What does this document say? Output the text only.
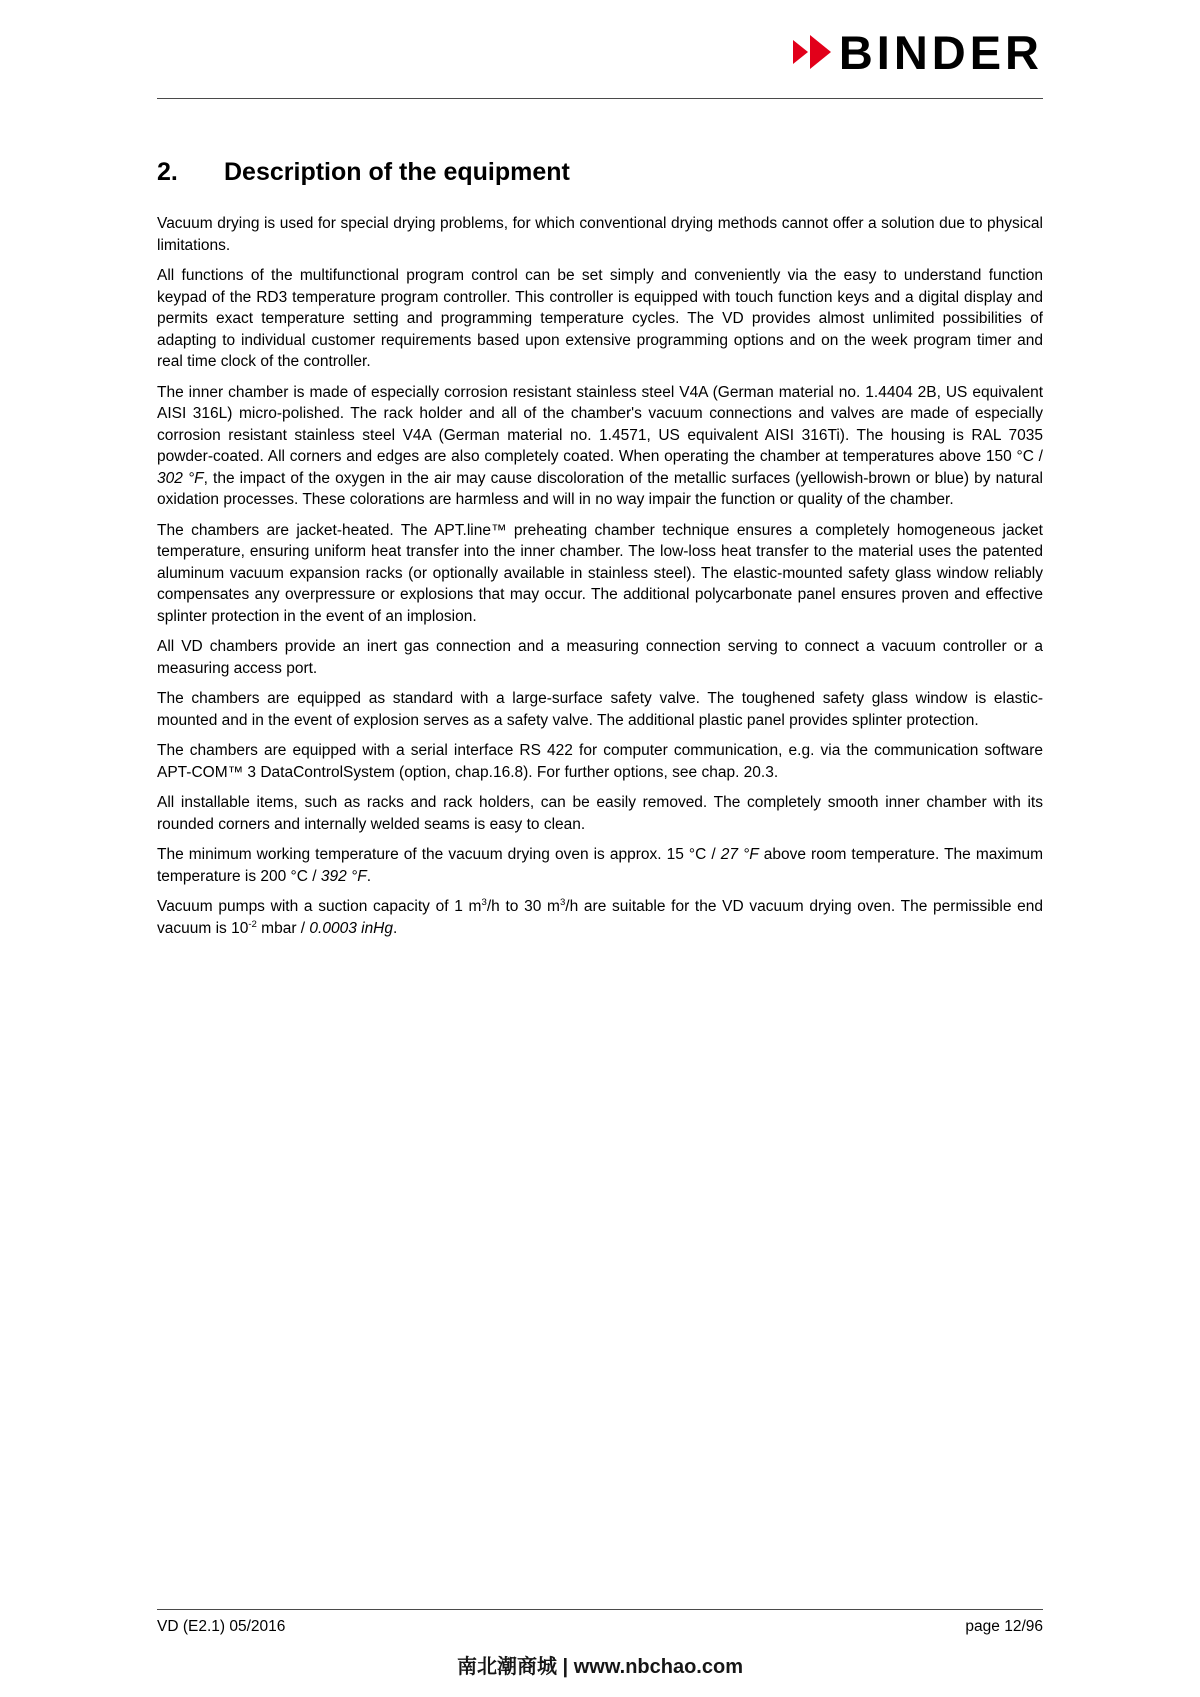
BINDER
2.	Description of the equipment

Vacuum drying is used for special drying problems, for which conventional drying methods cannot offer a solution due to physical limitations.

All functions of the multifunctional program control can be set simply and conveniently via the easy to understand function keypad of the RD3 temperature program controller. This controller is equipped with touch function keys and a digital display and permits exact temperature setting and programming temperature cycles. The VD provides almost unlimited possibilities of adapting to individual customer requirements based upon extensive programming options and on the week program timer and real time clock of the controller.

The inner chamber is made of especially corrosion resistant stainless steel V4A (German material no. 1.4404 2B, US equivalent AISI 316L) micro-polished. The rack holder and all of the chamber's vacuum connections and valves are made of especially corrosion resistant stainless steel V4A (German material no. 1.4571, US equivalent AISI 316Ti). The housing is RAL 7035 powder-coated. All corners and edges are also completely coated. When operating the chamber at temperatures above 150 °C / 302 °F, the impact of the oxygen in the air may cause discoloration of the metallic surfaces (yellowish-brown or blue) by natural oxidation processes. These colorations are harmless and will in no way impair the function or quality of the chamber.

The chambers are jacket-heated. The APT.line™ preheating chamber technique ensures a completely homogeneous jacket temperature, ensuring uniform heat transfer into the inner chamber. The low-loss heat transfer to the material uses the patented aluminum vacuum expansion racks (or optionally available in stainless steel). The elastic-mounted safety glass window reliably compensates any overpressure or explosions that may occur. The additional polycarbonate panel ensures proven and effective splinter protection in the event of an implosion.

All VD chambers provide an inert gas connection and a measuring connection serving to connect a vacuum controller or a measuring access port.

The chambers are equipped as standard with a large-surface safety valve. The toughened safety glass window is elastic-mounted and in the event of explosion serves as a safety valve. The additional plastic panel provides splinter protection.

The chambers are equipped with a serial interface RS 422 for computer communication, e.g. via the communication software APT-COM™ 3 DataControlSystem (option, chap.16.8). For further options, see chap. 20.3.

All installable items, such as racks and rack holders, can be easily removed. The completely smooth inner chamber with its rounded corners and internally welded seams is easy to clean.

The minimum working temperature of the vacuum drying oven is approx. 15 °C / 27 °F above room temperature. The maximum temperature is 200 °C / 392 °F.

Vacuum pumps with a suction capacity of 1 $m^3/h$ to 30 $m^3/h$ are suitable for the VD vacuum drying oven. The permissible end vacuum is $10^{-2}$ mbar / 0.0003 inHg.

VD (E2.1) 05/2016	page 12/96
南北潮商城 | www.nbchao.com
